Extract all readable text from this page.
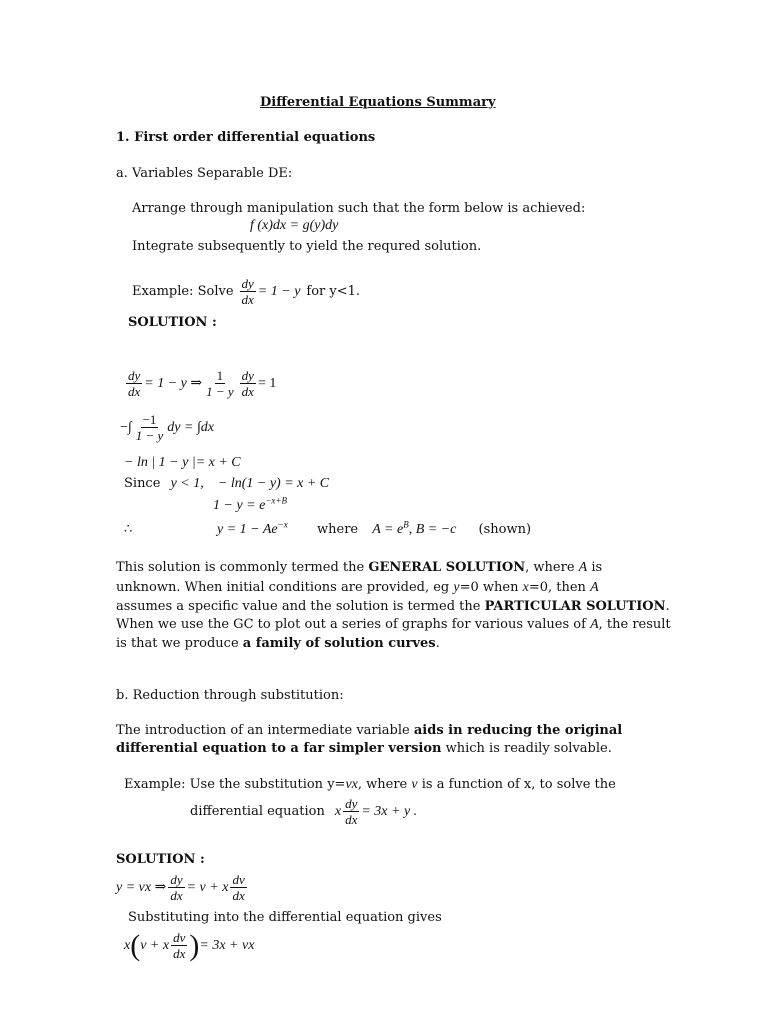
Differential Equations Summary
1. First order differential equations
a. Variables Separable DE:
Arrange through manipulation such that the form below is achieved:
f (x)dx = g(y)dy
Integrate subsequently to yield the requred solution.
Example: Solve $\frac{dy}{dx} = 1 - y$ for y<1.
SOLUTION :
$\frac{dy}{dx} = 1 - y$ ⇒ $\frac{1}{1 - y} \frac{dy}{dx} = 1$
−∫ $\frac{-1}{1 - y}$ dy = ∫dx
− ln | 1 − y |= x + C
Since y < 1, − ln(1 − y) = x + C
$1 - y = e^{-x+B}$
∴	$y = 1 - Ae^{-x}$ where $A = e^B$, B = −c (shown)
This solution is commonly termed the GENERAL SOLUTION, where A is
unknown. When initial conditions are provided, eg y=0 when x=0, then A
assumes a specific value and the solution is termed the PARTICULAR SOLUTION.
When we use the GC to plot out a series of graphs for various values of A, the result
is that we produce a family of solution curves.
b. Reduction through substitution:
The introduction of an intermediate variable aids in reducing the original
differential equation to a far simpler version which is readily solvable.
Example: Use the substitution y=vx, where v is a function of x, to solve the
differential equation x $\frac{dy}{dx} = 3x + y$ .
SOLUTION :
y = vx ⇒ $\frac{dy}{dx} = v + x \frac{dv}{dx}$
Substituting into the differential equation gives
x ( v + x $\frac{dv}{dx}$ ) = 3x + vx
